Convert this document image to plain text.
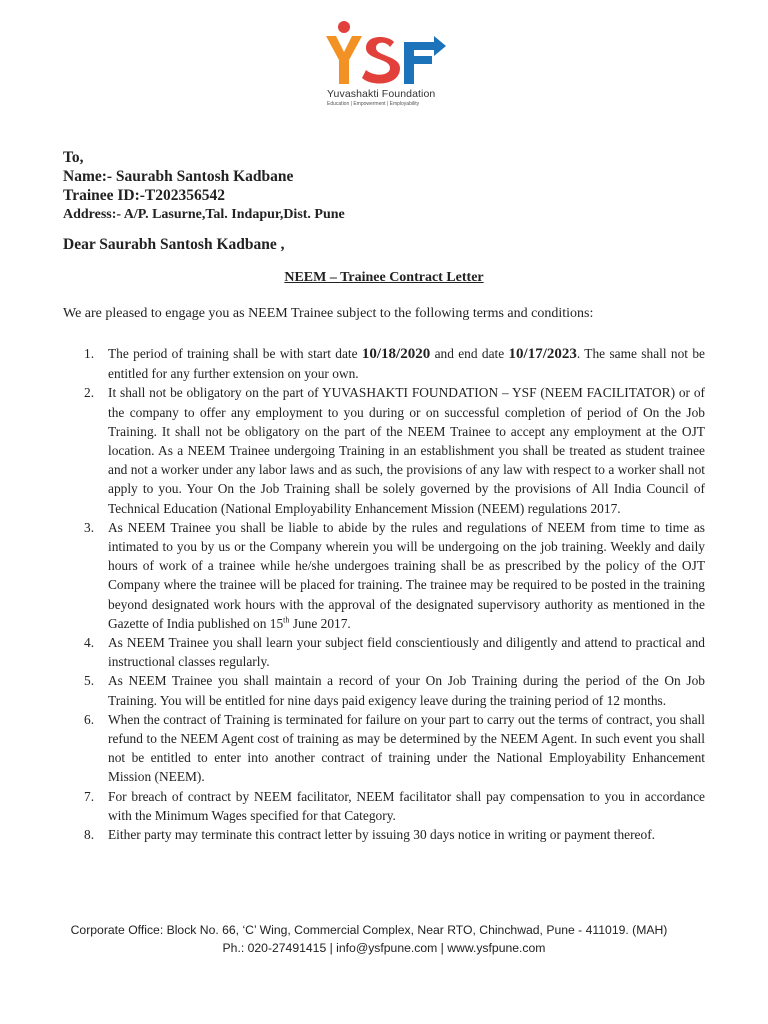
Yuvashakti Foundation
Education | Empowerment | Employability
To,
Name:- Saurabh Santosh Kadbane
Trainee ID:-T202356542
Address:- A/P. Lasurne,Tal. Indapur,Dist. Pune
Dear Saurabh Santosh Kadbane ,
NEEM – Trainee Contract Letter
We are pleased to engage you as NEEM Trainee subject to the following terms and conditions:
1. The period of training shall be with start date 10/18/2020 and end date 10/17/2023. The same shall not be entitled for any further extension on your own.
2. It shall not be obligatory on the part of YUVASHAKTI FOUNDATION – YSF (NEEM FACILITATOR) or of the company to offer any employment to you during or on successful completion of period of On the Job Training. It shall not be obligatory on the part of the NEEM Trainee to accept any employment at the OJT location. As a NEEM Trainee undergoing Training in an establishment you shall be treated as student trainee and not a worker under any labor laws and as such, the provisions of any law with respect to a worker shall not apply to you. Your On the Job Training shall be solely governed by the provisions of All India Council of Technical Education (National Employability Enhancement Mission (NEEM) regulations 2017.
3. As NEEM Trainee you shall be liable to abide by the rules and regulations of NEEM from time to time as intimated to you by us or the Company wherein you will be undergoing on the job training. Weekly and daily hours of work of a trainee while he/she undergoes training shall be as prescribed by the policy of the OJT Company where the trainee will be placed for training. The trainee may be required to be posted in the training beyond designated work hours with the approval of the designated supervisory authority as mentioned in the Gazette of India published on 15th June 2017.
4. As NEEM Trainee you shall learn your subject field conscientiously and diligently and attend to practical and instructional classes regularly.
5. As NEEM Trainee you shall maintain a record of your On Job Training during the period of the On Job Training. You will be entitled for nine days paid exigency leave during the training period of 12 months.
6. When the contract of Training is terminated for failure on your part to carry out the terms of contract, you shall refund to the NEEM Agent cost of training as may be determined by the NEEM Agent. In such event you shall not be entitled to enter into another contract of training under the National Employability Enhancement Mission (NEEM).
7. For breach of contract by NEEM facilitator, NEEM facilitator shall pay compensation to you in accordance with the Minimum Wages specified for that Category.
8. Either party may terminate this contract letter by issuing 30 days notice in writing or payment thereof.
Corporate Office: Block No. 66, ‘C’ Wing, Commercial Complex, Near RTO, Chinchwad, Pune - 411019. (MAH)
Ph.: 020-27491415 | info@ysfpune.com | www.ysfpune.com
